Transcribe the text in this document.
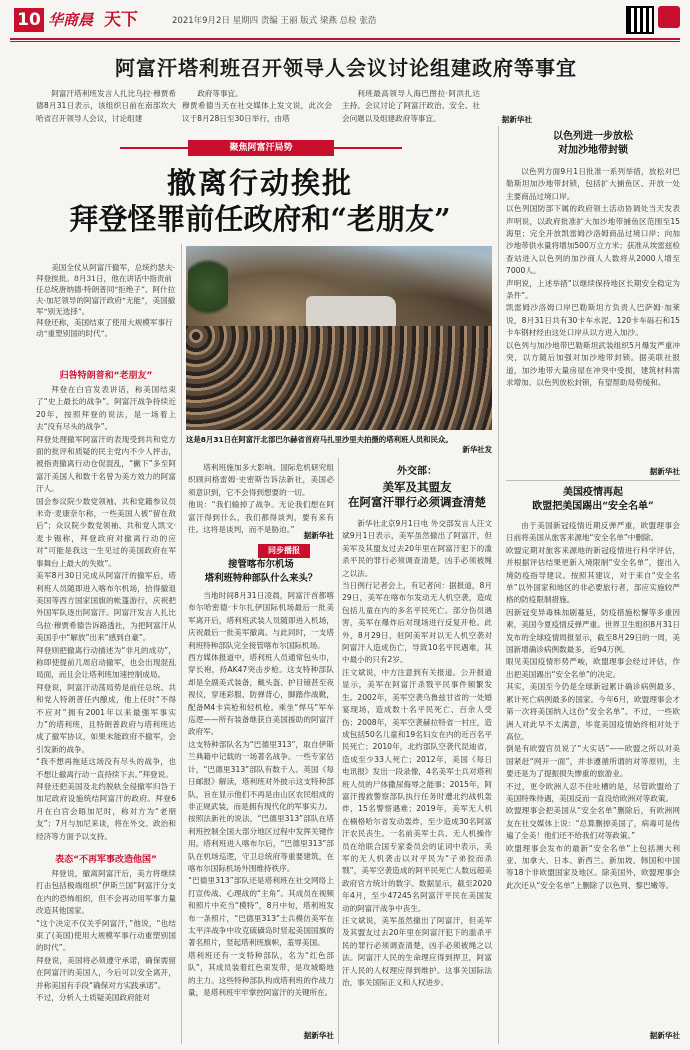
10 华商晨 天下	2021年9月2日 星期四 责编 王丽 版式 梁燕 总检 张浩
阿富汗塔利班召开领导人会议讨论组建政府等事宜
阿富汗塔利班发言人扎比乌拉·穆贾希德8月31日表示，该组织日前在南部坎大哈省召开领导人会议，讨论组建
政府等事宜。
穆贾希德当天在社交媒体上发文说，此次会议于8月28日至30日举行，由塔
利班最高领导人海巴图拉·阿洪扎达主持。会议讨论了阿富汗政治、安全、社会问题以及组建政府等事宜。	据新华社
聚焦阿富汗局势
撤离行动挨批
拜登怪罪前任政府和“老朋友”
美国全仗从阿富汗撤军，总统约瑟夫·拜登挨批。8月31日，他在讲话中指责前任总统唐纳德·特朗普同“拒绝子”、阿什拉夫·加尼领导的阿富汗政府“无能”，美国撤军“别无选择”。
拜登还称，美国结束了使用大规模军事行动“重塑别国的时代”。
这是8月31日在阿富汗北部巴尔赫省首府马扎里沙里夫拍摄的塔利班人员和民众。
新华社发
归咎特朗普和“老朋友”
拜登在白宫发表讲话，称美国结束了“史上最长的战争”。阿富汗战争持续近20年，按照拜登的说法，是一场着上去“没有尽头的战争”。
拜登处理撤军阿富汗的表现受到共和党方面的批评和质疑的民主党内不少人抨击，被指责撤离行动仓促混乱，“撇下”多至阿富汗美国人和数千名曾为美方效力的阿富汗人。
国会参议院少数党领袖、共和党籍参议员米奇·麦康奈尔称，一些美国人被“留在敌后”；众议院少数党领袖、共和党人凯文·麦卡锡称，拜登政府对撤离行动的应对“可能是我这一生见过的美国政府在军事舞台上最大的失败”。
美军8月30日完成从阿富汗的撤军后，塔利班人员随即进入喀布尔机场，拾得撤退美国等西方国家国旗的帐篷游行，庆祝把外国军队逐出阿富汗。阿富汗发言人扎比乌拉·穆贾希德告诉路透社，为把阿富汗从美国手中“解放”出来“感到自豪”。
拜登则把撤离行动描述为“非凡的成功”，称即使提前几周启动撤军，也会出现混乱局面，而且会让塔利班加速控制成局。
拜登说，阿富汗动荡局势是前任总统、共和党人特朗普任内酿成，他上任时“不得不应对”拥有2001年以来最强军事实力”的塔利班，且特朗普政府与塔利班达成了撤军协议，如果未能政府不撤军，会引发新的战争。
“我不想再拖延这场没有尽头的战争，也不想让撤离行动一直持续下去。”拜登说。
拜登还把美国及北约脱轨全侵撤军归咎于加尼政府设施统结阿富汗的政府。拜登6月在白宫会晤加尼时，称对方为“老朋友”；7月与加尼来谈，将在外交、政治和经济等方面予以支持。

表态“不再军事改造他国”
拜登说，撤离阿富汗后，美方将继续打击包括极端组织“伊斯兰国”阿富汗分支在内的恐怖组织，但不会再动用军事力量改造其他国家。
“这个决定不仅关乎阿富汗，”他说，“也结束了(美国)使用大规模军事行动重塑别国的时代”。
拜登说，美国将必须遵守承诺，确保需留在阿富汗的美国人，今后可以安全离开，并称美国有手段“确保对方实践承诺”。
不过，分析人士质疑美国政府能对
塔利班施加多大影响。国际危机研究组织顾问格雷姆·史密斯告诉法新社，美国必须意识到，它不会得到想要的一切。
他说：“我们输掉了战争。无论我们想在阿富汗得到什么，我们都得谈判，要有来有往。这将是谈判，而不是胁迫。”
据新华社
同步播报
接管喀布尔机场
塔利班特种部队什么来头？
当地时间8月31日凌晨，阿富汗首都喀布尔哈密德·卡尔扎伊国际机场最后一批美军离开后，塔利班武装人员随即进入机场，庆祝最后一批美军撤离。与此同时，一支塔利班特种部队完全接管喀布尔国际机场。
西方媒体报道中，塔利班人员通常包头巾，穿长袍，持AK47突击步枪。这支特种部队却是全副美式装备，戴头盔、护目镜甚至夜视仪，穿迷彩服、防弹背心，脚踏作战靴，配备M4卡宾枪和轻机枪。乘坐“悍马”军车巡逻——所有装备继获自美国援助的阿富汗政府军。
这支特种部队名为“巴德里313”，取自伊斯兰典籍中记载的一场著名战争。一些专家估计，“巴德里313”部队有数千人。英国《每日邮报》解读，塔利班对外披示这支特种部队，旨在显示他们不再是由山区农民组成的非正规武装，而是拥有现代化的军事实力。
按照法新社的说法，“巴德里313”部队在塔利班控制全国大部分地区过程中发挥关键作用。塔利班进入喀布尔后，“巴德里313”部队在机场巡逻，守卫总统府等重要建筑，在喀布尔国际机场外围维持秩序。
“巴德里313”部队还是塔利班在社交网络上打宣传战、心理战的“主角”。其成员在视频和照片中充当“模特”，8月中旬，塔利班发布一条照片，“巴德里313”士兵模仿美军在太平洋战争中攻克硫磺岛时竖起美国国旗的著名照片，竖起塔利班旗帜，羞辱美国。
塔利班还有一支特种部队，名为“红色部队”，其成员装着红色束发带，是攻城略地的主力。这些特种部队构成塔利班的作战力量，是塔利班牢牢掌控阿富汗的关键所在。
据新华社
外交部：
美军及其盟友
在阿富汗罪行必须调查清楚
新华社北京9月1日电 外交部发言人汪文斌9月1日表示，美军虽然撤出了阿富汗，但美军及其盟友过去20年里在阿富汗犯下的滥杀平民的罪行必须调查清楚，凶手必须被绳之以法。
当日例行记者会上，有记者问：据报道，8月29日，美军在喀布尔发动无人机空袭，造成包括儿童在内的多名平民死亡。部分伤员遇害，美军在爆炸后对现场进行反复开枪。此外，8月29日，驻阿美军对以无人机空袭对阿富汗人造成伤亡，导致10名平民遇难，其中最小的只有2岁。
汪文斌说，中方注意到有关报道。公开报道显示，美军在阿富汗杀戮平民事件频繁发生。2002年，美军空袭乌鲁兹甘省的一处婚宴现场，造成数十名平民死亡、百余人受伤；2008年，美军空袭赫拉特省一村庄，造成包括50名儿童和19名妇女在内的近百名平民死亡；2010年，北约部队空袭代昆迪省，造成至少33人死亡；2012年，美国《每日电讯报》发出一段录像，4名美军士兵对塔利班人员的尸体撒尿侮辱之能事；2015年，阿富汗搜救警察部队执行任务时遭北约战机轰炸，15名警察遇难；2019年，美军无人机在楠格哈尔省发动轰炸，至少造成30名阿富汗农民丧生。一名前美军士兵、无人机操作员在给联合国专家委员会的证词中表示，美军的无人机袭击以对平民为“子弟狡而杀戮”，美军空袭造成的阿平民死亡人数远超美政府官方统计的数字。数据显示，截至2020年4月，至少47245名阿富汗平民在美国发动的阿富汗战争中丧生。
汪文斌说，美军虽然撤出了阿富汗，但美军及其盟友过去20年里在阿富汗犯下的滥杀平民的罪行必须调查清楚，凶手必须被绳之以法。阿富汗人民的生命理应得到捍卫，阿富汗人民的人权理应得到维护。这事关国际法治，事关国际正义和人权进步。
以色列进一步放松
对加沙地带封锁
以色列方面9月1日批准一系列举措，放松对巴勒斯坦加沙地带封锁，包括扩大捕鱼区、开放一处主要商品过境口岸。
以色列国防部下属的政府领土活动协调处当天发表声明说，以政府批准扩大加沙地带捕鱼区范围至15海里；完全开放凯雷姆沙洛姆商品过境口岸；向加沙地带供水量将增加500万立方米；获准从埃雷兹检查站进入以色列的加沙商人人数将从2000人增至7000人。
声明说，上述举措“以继续保持地区长期安全稳定为条件”。
凯雷姆沙洛姆口岸巴勒斯坦方负责人巴萨姆·加莱说，8月31日共有30卡车水泥、120卡车砾石和15卡车钢材经由这处口岸从以方进入加沙。
以色列与加沙地带巴勒斯坦武装组织5月爆发严重冲突，以方随后加强对加沙地带封锁。据美联社报道，加沙地带大量房屋在冲突中受损，建筑材料需求增加。以色列放松封锁，有望帮助局势缓和。
据新华社
美国疫情再起
欧盟把美国踢出“安全名单”
由于美国新冠疫情近期反弹严重，欧盟理事会日前将美国从旅客来源地“安全名单”中删除。
欧盟定期对旅客来源地的新冠疫情进行科学评估，并根据评估结果更新入境限制“安全名单”，提出入境防疫指导建议。按照其建议，对于来自“安全名单”以外国家和地区的非必要旅行者，部应实施较严格的防疫限制措施。
因新冠变异毒株加剧蔓延，防疫措施松懈等多重因素，美国今夏疫情反弹严重。世界卫生组织8月31日发布的全球疫情周报显示，截至8月29日的一周，美国新增确诊病例数最多，近94万例。
眼见美国疫情形势严峻，欧盟理事会经过评估，作出把美国踢出“安全名单”的决定。
其实，美国至今仍是全球新冠累计确诊病例最多、累计死亡病例最多的国家。今年6月，欧盟理事会才第一次将美国纳入这份“安全名单”。不过，一些欧洲人对此早不太满意，毕竟美国疫情始终相对处于高位。
倒是有欧盟官员说了“大实话”——欧盟之所以对美国紧赶“网开一面”，并非遵循所谓的对等原则，主要还是为了提振损失惨重的旅游业。
不过，更令欧洲人忍不住吐槽的是，尽管欧盟给了美国特殊待遇，美国反而一直没给欧洲对等政策。
欧盟理事会把美国从“安全名单”删除后，有欧洲网友在社交媒体上说：“总算删掉美国了，病毒可是传遍了全美！他们还不给我们对等政策。”
欧盟理事会发布的最新“安全名单”上包括澳大利亚、加拿大、日本、新西兰、新加坡、韩国和中国等18个非欧盟国家及地区。除美国外，欧盟理事会此次还从“安全名单”上删除了以色列、黎巴嫩等。
据新华社
